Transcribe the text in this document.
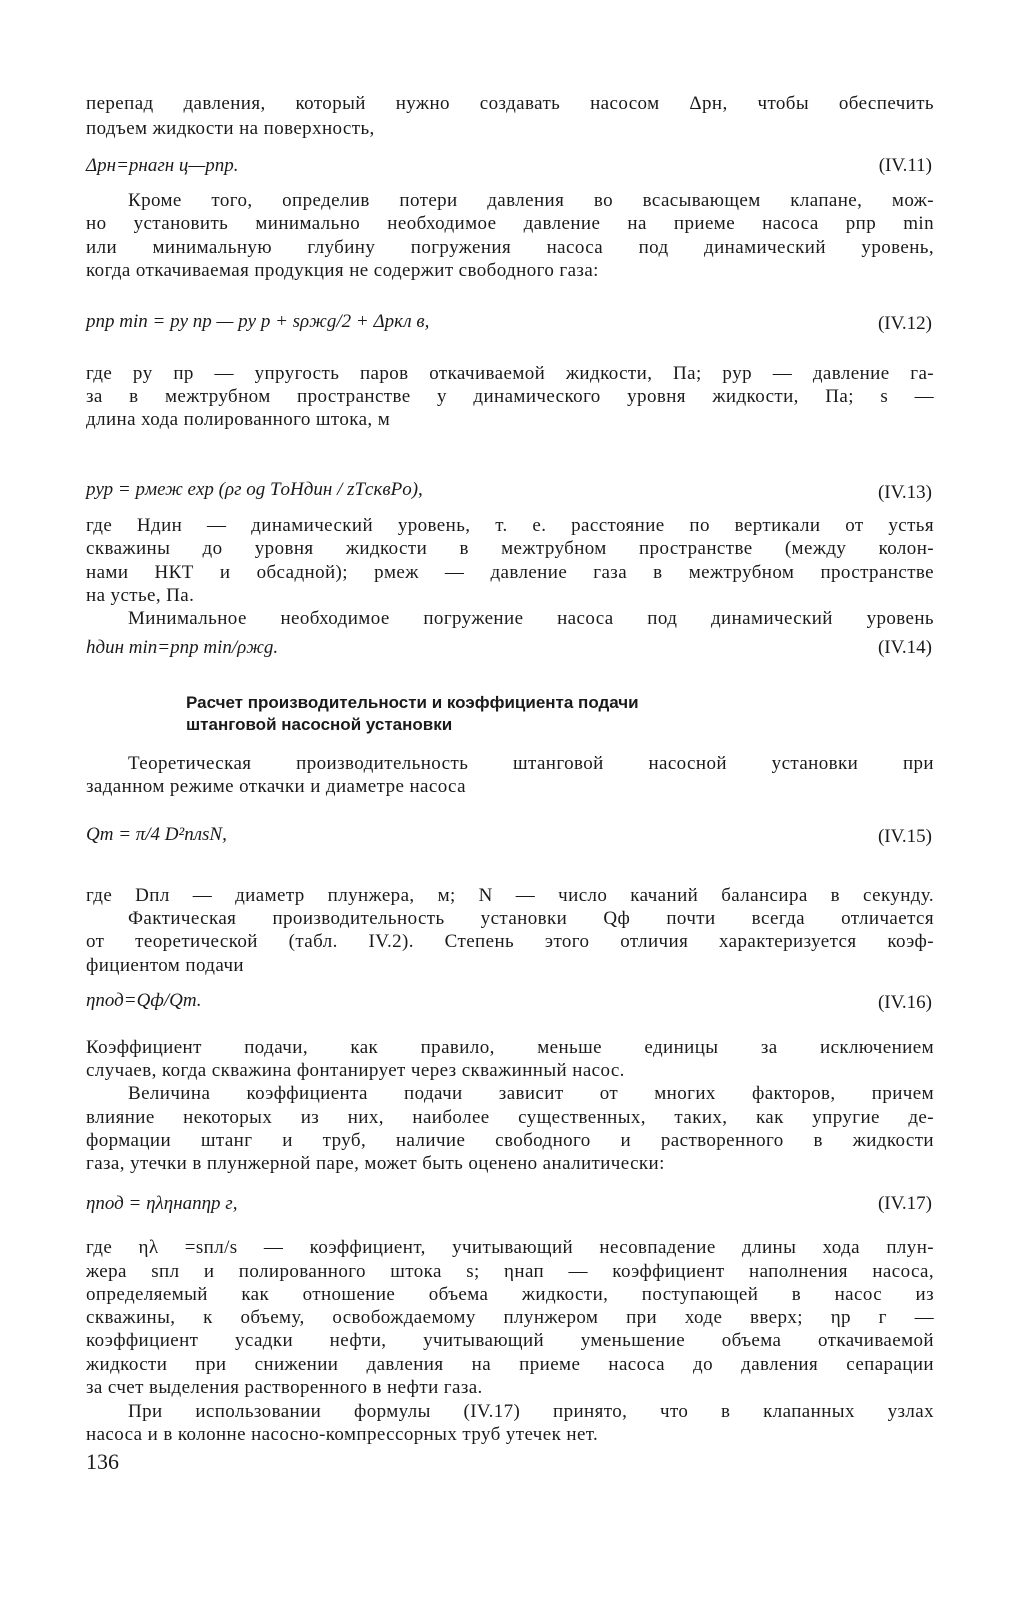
перепад давления, который нужно создавать насосом Δpн, чтобы обеспечить
подъем жидкости на поверхность,
Δpн=pнагн ц—pпр.	(IV.11)
Кроме того, определив потери давления во всасывающем клапане, мож-
но установить минимально необходимое давление на приеме насоса pпр min
или минимальную глубину погружения насоса под динамический уровень,
когда откачиваемая продукция не содержит свободного газа:
pпр min = pу пр — pу р + sρжg/2 + Δpкл в,	(IV.12)
где pу пр — упругость паров откачиваемой жидкости, Па; pур — давление га-
за в межтрубном пространстве у динамического уровня жидкости, Па; s —
длина хода полированного штока, м
pур = pмеж exp (ρг оg TоHдин / zTсквPо),	(IV.13)
где Hдин — динамический уровень, т. е. расстояние по вертикали от устья
скважины до уровня жидкости в межтрубном пространстве (между колон-
нами НКТ и обсадной); pмеж — давление газа в межтрубном пространстве
на устье, Па.
Минимальное необходимое погружение насоса под динамический уровень
hдин min=pпр min/ρжg.	(IV.14)
Расчет производительности и коэффициента подачи
штанговой насосной установки
Теоретическая производительность штанговой насосной установки при
заданном режиме откачки и диаметре насоса
Qт = π/4 D²плsN,	(IV.15)
где Dпл — диаметр плунжера, м; N — число качаний балансира в секунду.
Фактическая производительность установки Qф почти всегда отличается
от теоретической (табл. IV.2). Степень этого отличия характеризуется коэф-
фициентом подачи
ηпод=Qф/Qт.	(IV.16)
Коэффициент подачи, как правило, меньше единицы за исключением
случаев, когда скважина фонтанирует через скважинный насос.
Величина коэффициента подачи зависит от многих факторов, причем
влияние некоторых из них, наиболее существенных, таких, как упругие де-
формации штанг и труб, наличие свободного и растворенного в жидкости
газа, утечки в плунжерной паре, может быть оценено аналитически:
ηпод = ηληнапηр г,	(IV.17)
где ηλ =sпл/s — коэффициент, учитывающий несовпадение длины хода плун-
жера sпл и полированного штока s; ηнап — коэффициент наполнения насоса,
определяемый как отношение объема жидкости, поступающей в насос из
скважины, к объему, освобождаемому плунжером при ходе вверх; ηр г —
коэффициент усадки нефти, учитывающий уменьшение объема откачиваемой
жидкости при снижении давления на приеме насоса до давления сепарации
за счет выделения растворенного в нефти газа.
При использовании формулы (IV.17) принято, что в клапанных узлах
насоса и в колонне насосно-компрессорных труб утечек нет.
136
